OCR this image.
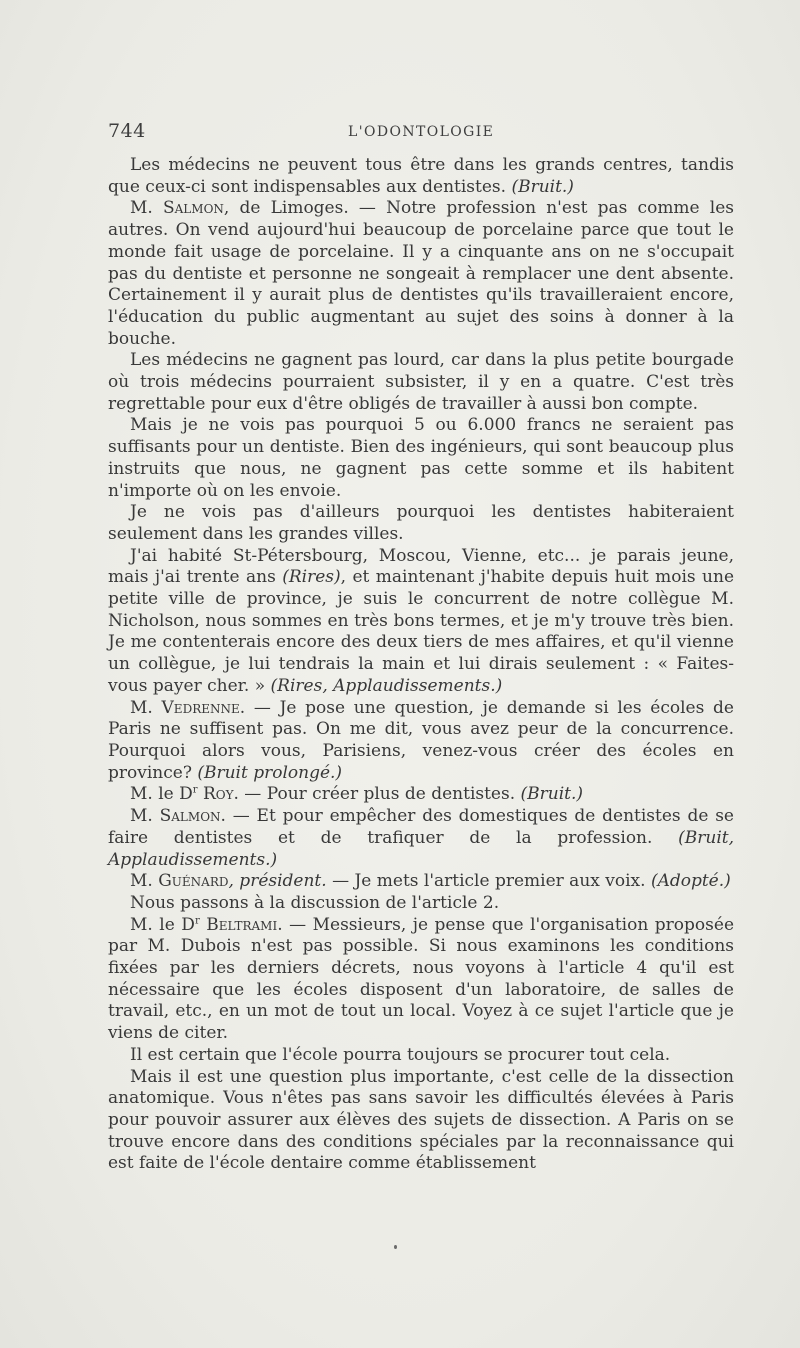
744	L'ODONTOLOGIE

Les médecins ne peuvent tous être dans les grands centres, tandis que ceux-ci sont indispensables aux dentistes. (Bruit.)

M. Salmon, de Limoges. — Notre profession n'est pas comme les autres. On vend aujourd'hui beaucoup de porcelaine parce que tout le monde fait usage de porcelaine. Il y a cinquante ans on ne s'occupait pas du dentiste et personne ne songeait à remplacer une dent absente. Certainement il y aurait plus de dentistes qu'ils travailleraient encore, l'éducation du public augmentant au sujet des soins à donner à la bouche.

Les médecins ne gagnent pas lourd, car dans la plus petite bourgade où trois médecins pourraient subsister, il y en a quatre. C'est très regrettable pour eux d'être obligés de travailler à aussi bon compte.

Mais je ne vois pas pourquoi 5 ou 6.000 francs ne seraient pas suffisants pour un dentiste. Bien des ingénieurs, qui sont beaucoup plus instruits que nous, ne gagnent pas cette somme et ils habitent n'importe où on les envoie.

Je ne vois pas d'ailleurs pourquoi les dentistes habiteraient seulement dans les grandes villes.

J'ai habité St-Pétersbourg, Moscou, Vienne, etc... je parais jeune, mais j'ai trente ans (Rires), et maintenant j'habite depuis huit mois une petite ville de province, je suis le concurrent de notre collègue M. Nicholson, nous sommes en très bons termes, et je m'y trouve très bien. Je me contenterais encore des deux tiers de mes affaires, et qu'il vienne un collègue, je lui tendrais la main et lui dirais seulement : « Faites-vous payer cher. » (Rires, Applaudissements.)

M. Vedrenne. — Je pose une question, je demande si les écoles de Paris ne suffisent pas. On me dit, vous avez peur de la concurrence. Pourquoi alors vous, Parisiens, venez-vous créer des écoles en province? (Bruit prolongé.)

M. le $D^r$ Roy. — Pour créer plus de dentistes. (Bruit.)

M. Salmon. — Et pour empêcher des domestiques de dentistes de se faire dentistes et de trafiquer de la profession. (Bruit, Applaudissements.)

M. Guénard, président. — Je mets l'article premier aux voix. (Adopté.)

Nous passons à la discussion de l'article 2.

M. le $D^r$ Beltrami. — Messieurs, je pense que l'organisation proposée par M. Dubois n'est pas possible. Si nous examinons les conditions fixées par les derniers décrets, nous voyons à l'article 4 qu'il est nécessaire que les écoles disposent d'un laboratoire, de salles de travail, etc., en un mot de tout un local. Voyez à ce sujet l'article que je viens de citer.

Il est certain que l'école pourra toujours se procurer tout cela.

Mais il est une question plus importante, c'est celle de la dissection anatomique. Vous n'êtes pas sans savoir les difficultés élevées à Paris pour pouvoir assurer aux élèves des sujets de dissection. A Paris on se trouve encore dans des conditions spéciales par la reconnaissance qui est faite de l'école dentaire comme établissement
